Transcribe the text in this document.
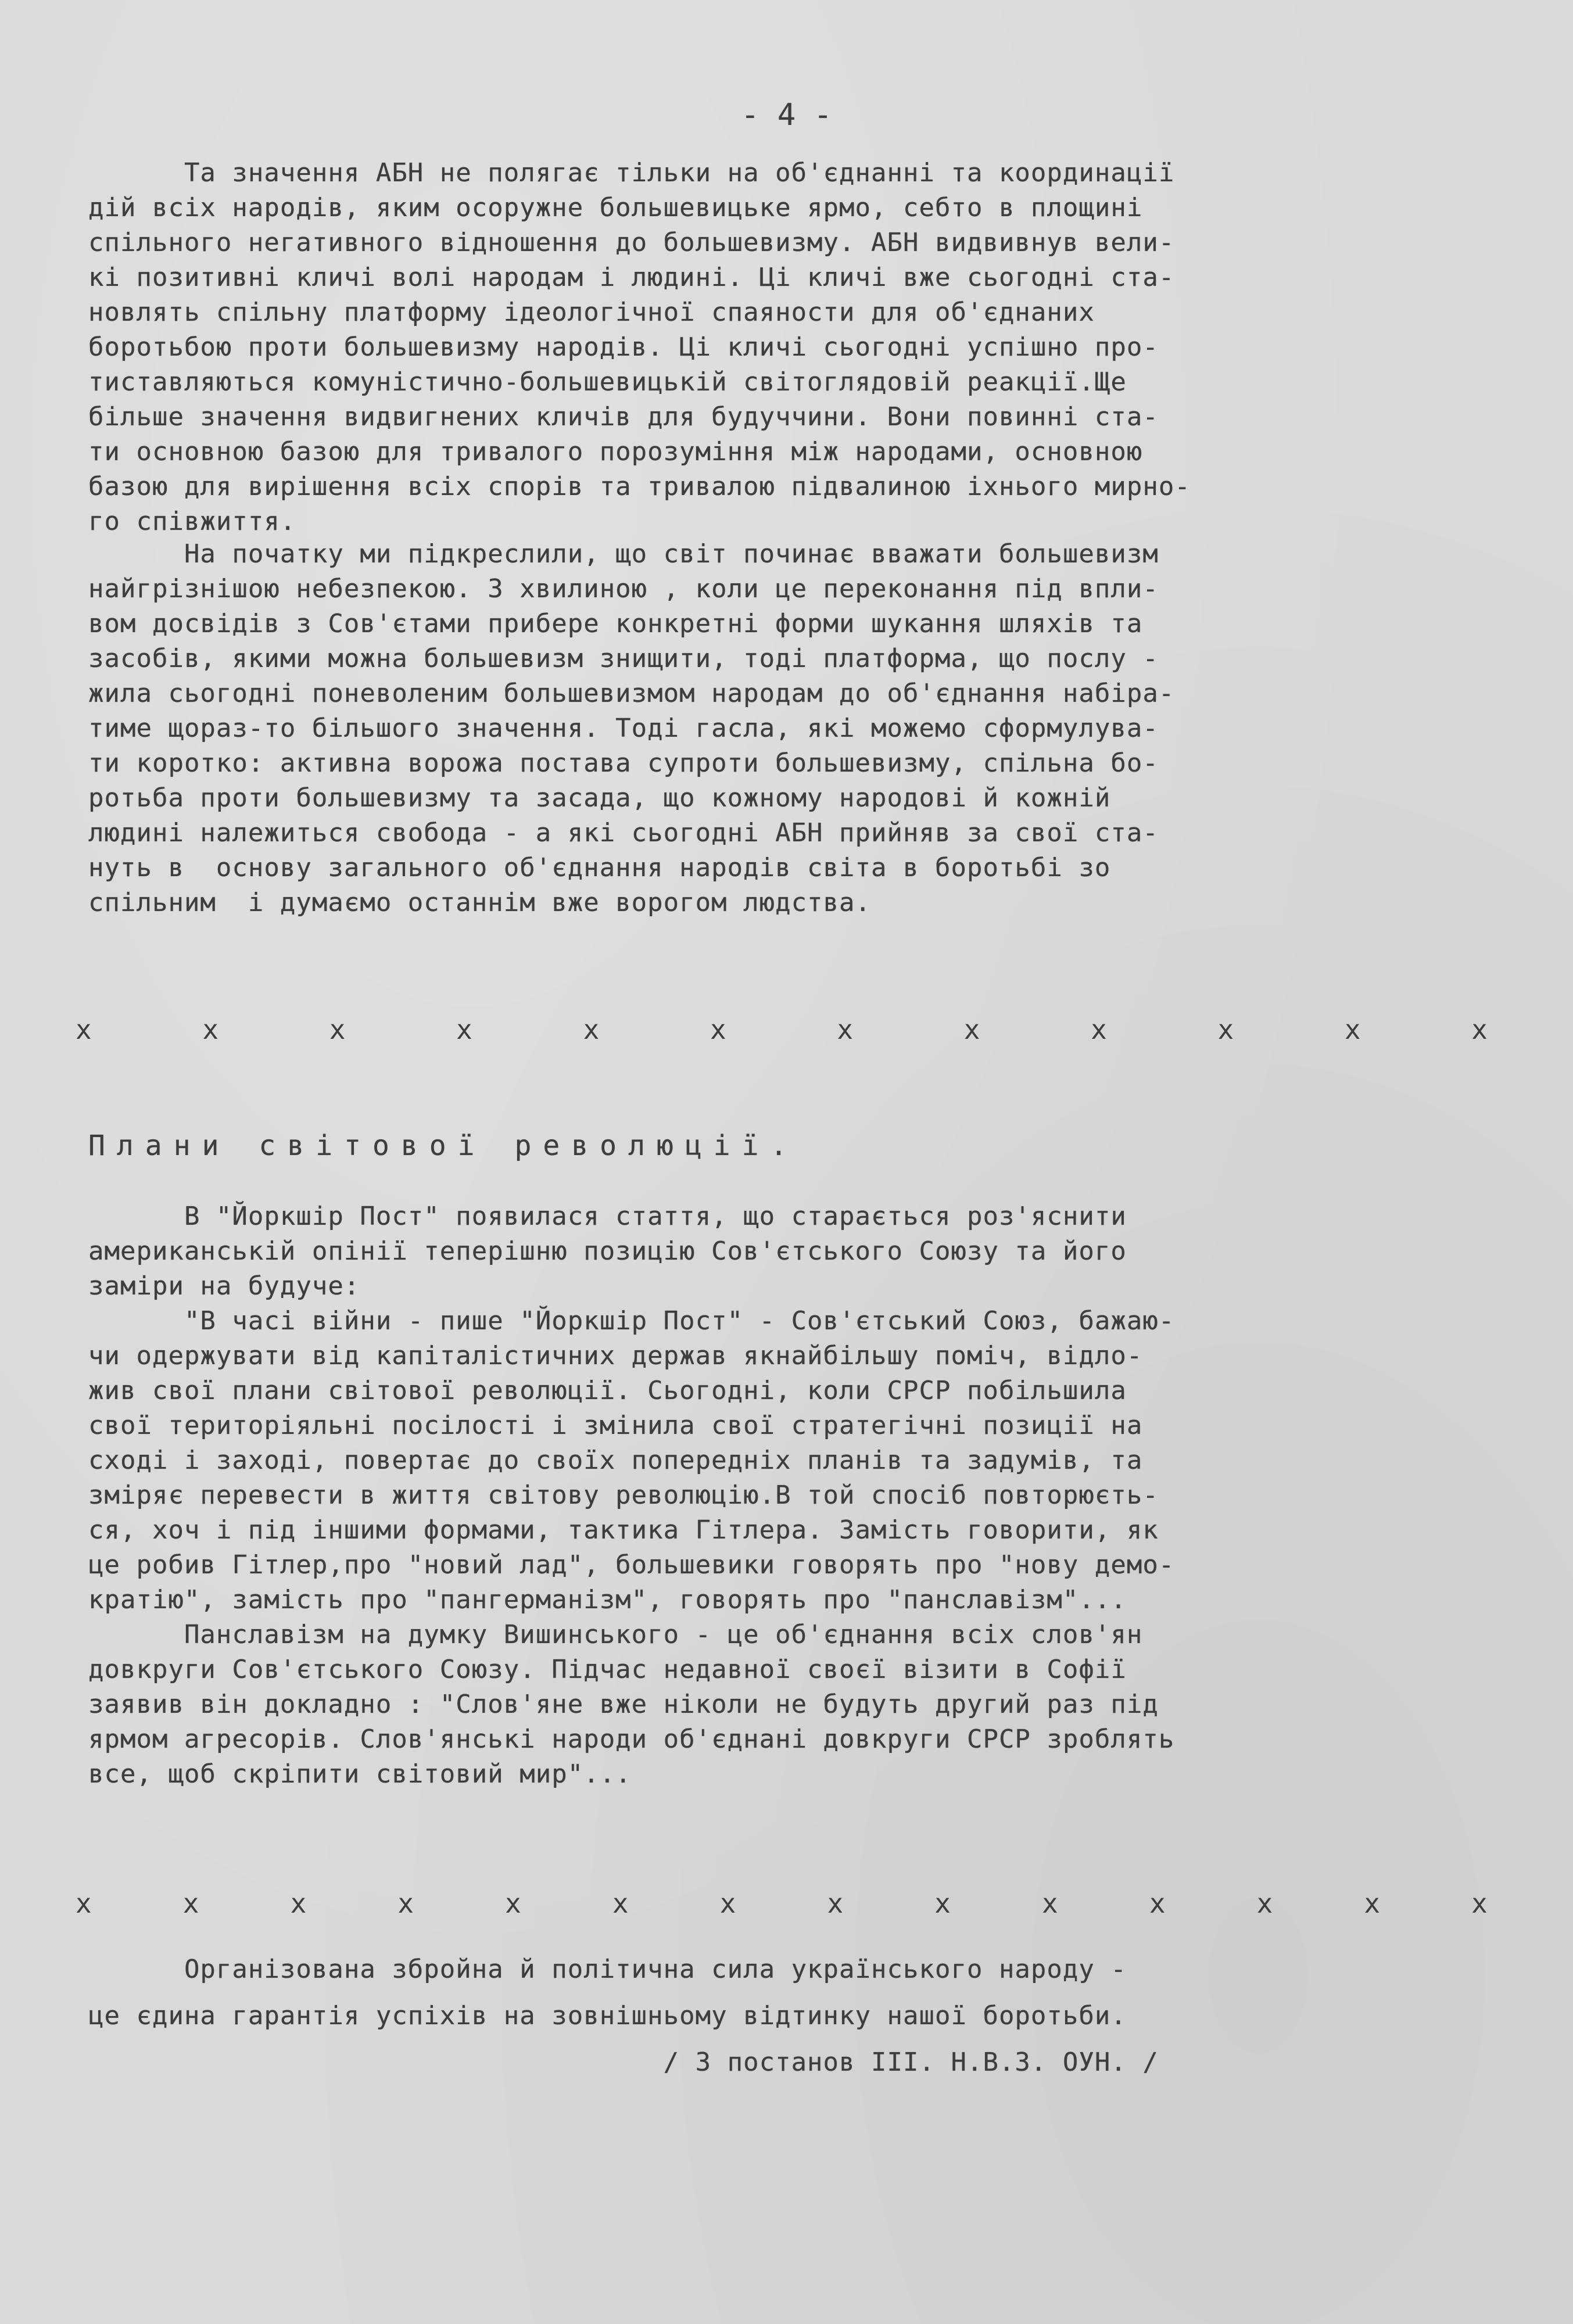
- 4 -
Та значення АБН не полягає тільки на об'єднанні та координації
дій всіх народів, яким осоружне большевицьке ярмо, себто в площині
спільного негативного відношення до большевизму. АБН видвивнув вели-
кі позитивні кличі волі народам і людині. Ці кличі вже сьогодні ста-
новлять спільну платформу ідеологічної спаяности для об'єднаних
боротьбою проти большевизму народів. Ці кличі сьогодні успішно про-
тиставляються комуністично-большевицькій світоглядовій реакції.Ще
більше значення видвигнених кличів для будуччини. Вони повинні ста-
ти основною базою для тривалого порозуміння між народами, основною
базою для вирішення всіх спорів та тривалою підвалиною іхнього мирно-
го співжиття.
На початку ми підкреслили, що світ починає вважати большевизм
найгрізнішою небезпекою. З хвилиною , коли це переконання під впли-
вом досвідів з Сов'єтами прибере конкретні форми шукання шляхів та
засобів, якими можна большевизм знищити, тоді платформа, що послу -
жила сьогодні поневоленим большевизмом народам до об'єднання набіра-
тиме щораз-то більшого значення. Тоді гасла, які можемо сформулува-
ти коротко: активна ворожа постава супроти большевизму, спільна бо-
ротьба проти большевизму та засада, що кожному народові й кожній
людині належиться свобода - а які сьогодні АБН прийняв за свої ста-
нуть в  основу загального об'єднання народів світа в боротьбі зо
спільним  і думаємо останнім вже ворогом людства.
x	x	x	x	x	x	x	x	x	x	x	x
Плани світової революції.
В "Йоркшір Пост" появилася стаття, що старається роз'яснити
американській опінії теперішню позицію Сов'єтського Союзу та його
заміри на будуче:
"В часі війни - пише "Йоркшір Пост" - Сов'єтський Союз, бажаю-
чи одержувати від капіталістичних держав якнайбільшу поміч, відло-
жив свої плани світової революції. Сьогодні, коли СРСР побільшила
свої територіяльні посілості і змінила свої стратегічні позиції на
сході і заході, повертає до своїх попередніх планів та задумів, та
зміряє перевести в життя світову революцію.В той спосіб повторюєть-
ся, хоч і під іншими формами, тактика Гітлера. Замість говорити, як
це робив Гітлер,про "новий лад", большевики говорять про "нову демо-
кратію", замість про "пангерманізм", говорять про "панславізм"...
Панславізм на думку Вишинського - це об'єднання всіх слов'ян
довкруги Сов'єтського Союзу. Підчас недавної своєї візити в Софії
заявив він докладно : "Слов'яне вже ніколи не будуть другий раз під
ярмом агресорів. Слов'янські народи об'єднані довкруги СРСР зроблять
все, щоб скріпити світовий мир"...
x	x	x	x	x	x	x	x	x	x	x	x	x	x
Організована збройна й політична сила українського народу -
це єдина гарантія успіхів на зовнішньому відтинку нашої боротьби.
/ З постанов III. Н.В.З. ОУН. /
